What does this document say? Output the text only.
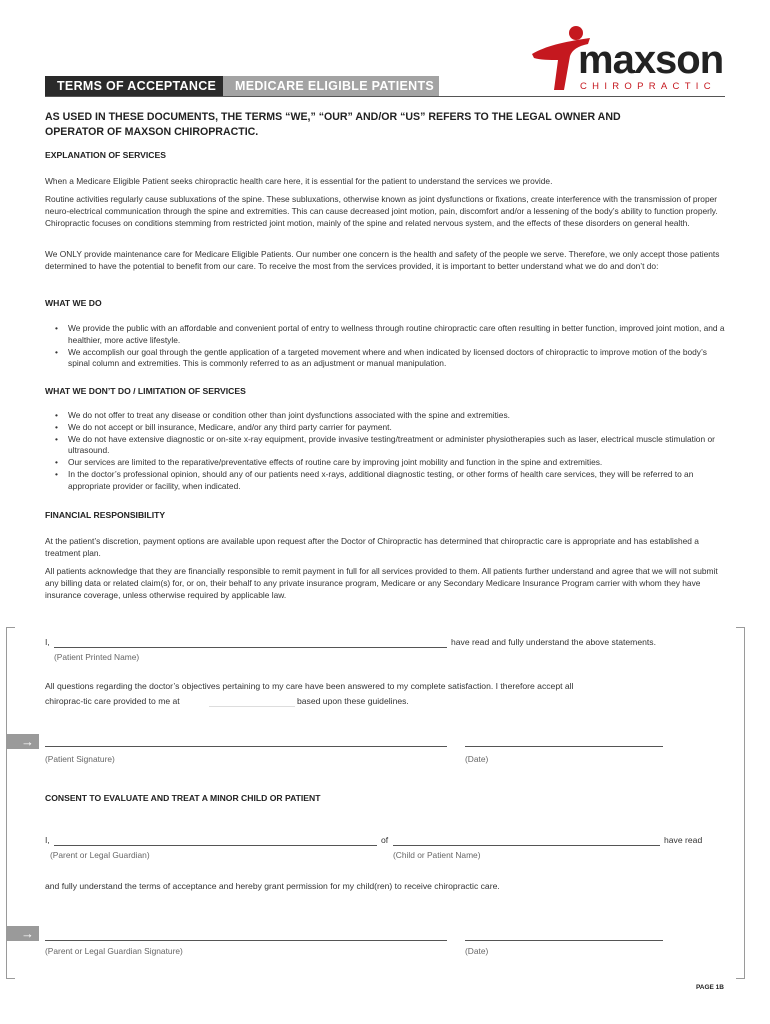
maxson
CHIROPRACTIC
TERMS OF ACCEPTANCE	MEDICARE ELIGIBLE PATIENTS
AS USED IN THESE DOCUMENTS, THE TERMS “WE,” “OUR” AND/OR “US” REFERS TO THE LEGAL OWNER AND OPERATOR OF MAXSON CHIROPRACTIC.
EXPLANATION OF SERVICES
When a Medicare Eligible Patient seeks chiropractic health care here, it is essential for the patient to understand the services we provide.
Routine activities regularly cause subluxations of the spine. These subluxations, otherwise known as joint dysfunctions or fixations, create interference with the transmission of proper neuro-electrical communication through the spine and extremities. This can cause decreased joint motion, pain, discomfort and/or a lessening of the body’s ability to function properly. Chiropractic focuses on conditions stemming from restricted joint motion, mainly of the spine and related nervous system, and the effects of these disorders on general health.
We ONLY provide maintenance care for Medicare Eligible Patients. Our number one concern is the health and safety of the people we serve. Therefore, we only accept those patients determined to have the potential to benefit from our care. To receive the most from the services provided, it is important to better understand what we do and don’t do:
WHAT WE DO
• We provide the public with an affordable and convenient portal of entry to wellness through routine chiropractic care often resulting in better function, improved joint motion, and a healthier, more active lifestyle.
• We accomplish our goal through the gentle application of a targeted movement where and when indicated by licensed doctors of chiropractic to improve motion of the body’s spinal column and extremities. This is commonly referred to as an adjustment or manual manipulation.
WHAT WE DON’T DO / LIMITATION OF SERVICES
• We do not offer to treat any disease or condition other than joint dysfunctions associated with the spine and extremities.
• We do not accept or bill insurance, Medicare, and/or any third party carrier for payment.
• We do not have extensive diagnostic or on-site x-ray equipment, provide invasive testing/treatment or administer physiotherapies such as laser, electrical muscle stimulation or ultrasound.
• Our services are limited to the reparative/preventative effects of routine care by improving joint mobility and function in the spine and extremities.
• In the doctor’s professional opinion, should any of our patients need x-rays, additional diagnostic testing, or other forms of health care services, they will be referred to an appropriate provider or facility, when indicated.
FINANCIAL RESPONSIBILITY
At the patient’s discretion, payment options are available upon request after the Doctor of Chiropractic has determined that chiropractic care is appropriate and has established a treatment plan.
All patients acknowledge that they are financially responsible to remit payment in full for all services provided to them. All patients further understand and agree that we will not submit any billing data or related claim(s) for, or on, their behalf to any private insurance program, Medicare or any Secondary Medicare Insurance Program carrier with whom they have insurance coverage, unless otherwise required by applicable law.
I,	have read and fully understand the above statements.
(Patient Printed Name)
All questions regarding the doctor’s objectives pertaining to my care have been answered to my complete satisfaction. I therefore accept all
chiroprac-tic care provided to me at	based upon these guidelines.
→
(Patient Signature)	(Date)
CONSENT TO EVALUATE AND TREAT A MINOR CHILD OR PATIENT
I,	of	have read
(Parent or Legal Guardian)	(Child or Patient Name)
and fully understand the terms of acceptance and hereby grant permission for my child(ren) to receive chiropractic care.
→
(Parent or Legal Guardian Signature)	(Date)
PAGE 1B
